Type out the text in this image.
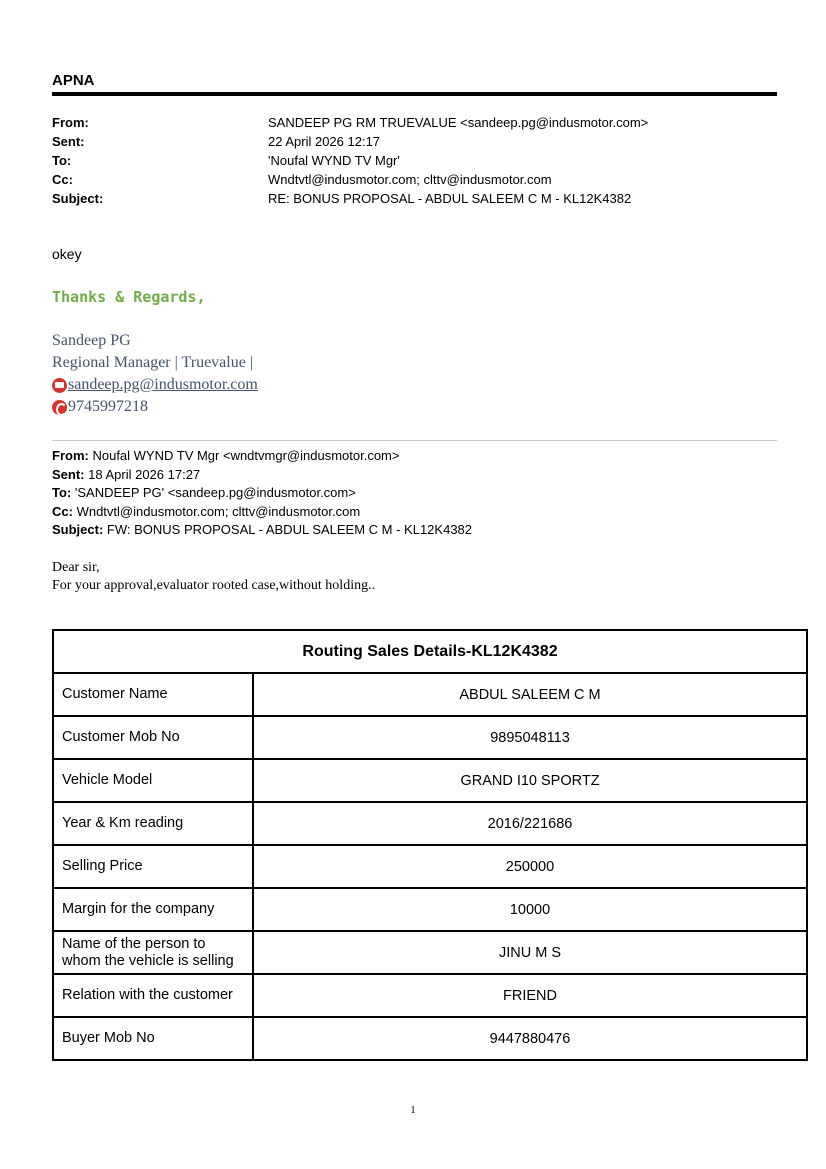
APNA
From:	SANDEEP PG RM TRUEVALUE <sandeep.pg@indusmotor.com>
Sent:	22 April 2026 12:17
To:	'Noufal WYND TV Mgr'
Cc:	Wndtvtl@indusmotor.com; clttv@indusmotor.com
Subject:	RE: BONUS PROPOSAL - ABDUL SALEEM C M - KL12K4382
okey
Thanks & Regards,
Sandeep PG
Regional Manager | Truevalue |
sandeep.pg@indusmotor.com
9745997218
From: Noufal WYND TV Mgr <wndtvmgr@indusmotor.com>
Sent: 18 April 2026 17:27
To: 'SANDEEP PG' <sandeep.pg@indusmotor.com>
Cc: Wndtvtl@indusmotor.com; clttv@indusmotor.com
Subject: FW: BONUS PROPOSAL - ABDUL SALEEM C M - KL12K4382
Dear sir,
For your approval,evaluator rooted case,without holding..
Routing Sales Details-KL12K4382	
Customer Name	ABDUL SALEEM C M
Customer Mob No	9895048113
Vehicle Model	GRAND I10 SPORTZ
Year & Km reading	2016/221686
Selling Price	250000
Margin for the company	10000
Name of the person to whom the vehicle is selling	JINU M S
Relation with the customer	FRIEND
Buyer Mob No	9447880476
1
